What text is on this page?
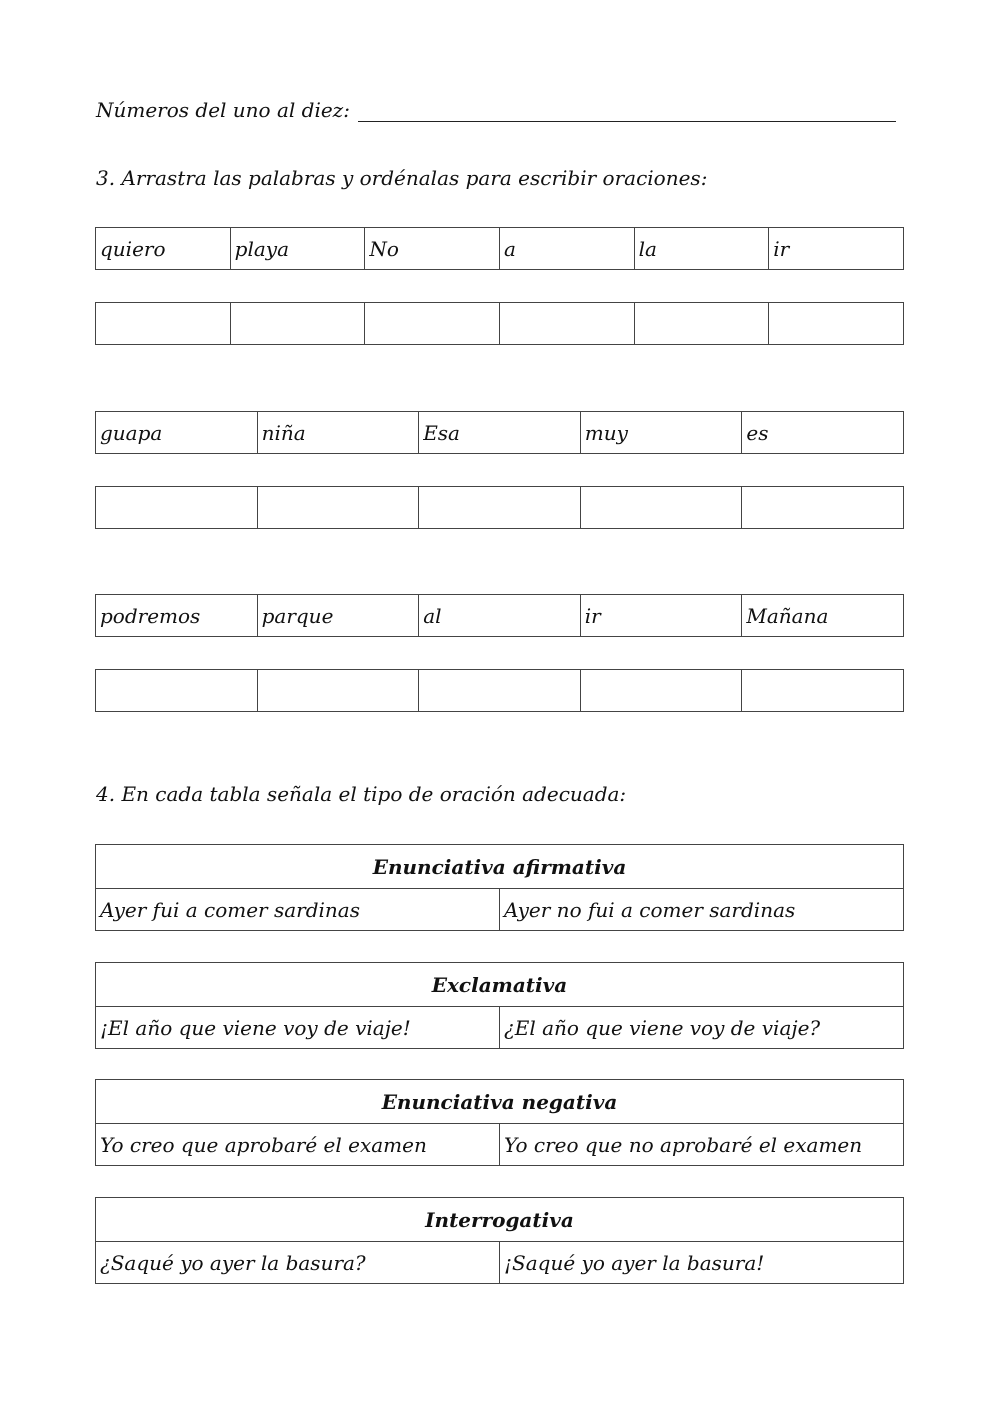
Números del uno al diez:
3. Arrastra las palabras y ordénalas para escribir oraciones:
quiero	playa	No	a	la	ir

guapa	niña	Esa	muy	es

podremos	parque	al	ir	Mañana

4. En cada tabla señala el tipo de oración adecuada:
Enunciativa afirmativa
Ayer fui a comer sardinas	Ayer no fui a comer sardinas
Exclamativa
¡El año que viene voy de viaje!	¿El año que viene voy de viaje?
Enunciativa negativa
Yo creo que aprobaré el examen	Yo creo que no aprobaré el examen
Interrogativa
¿Saqué yo ayer la basura?	¡Saqué yo ayer la basura!
